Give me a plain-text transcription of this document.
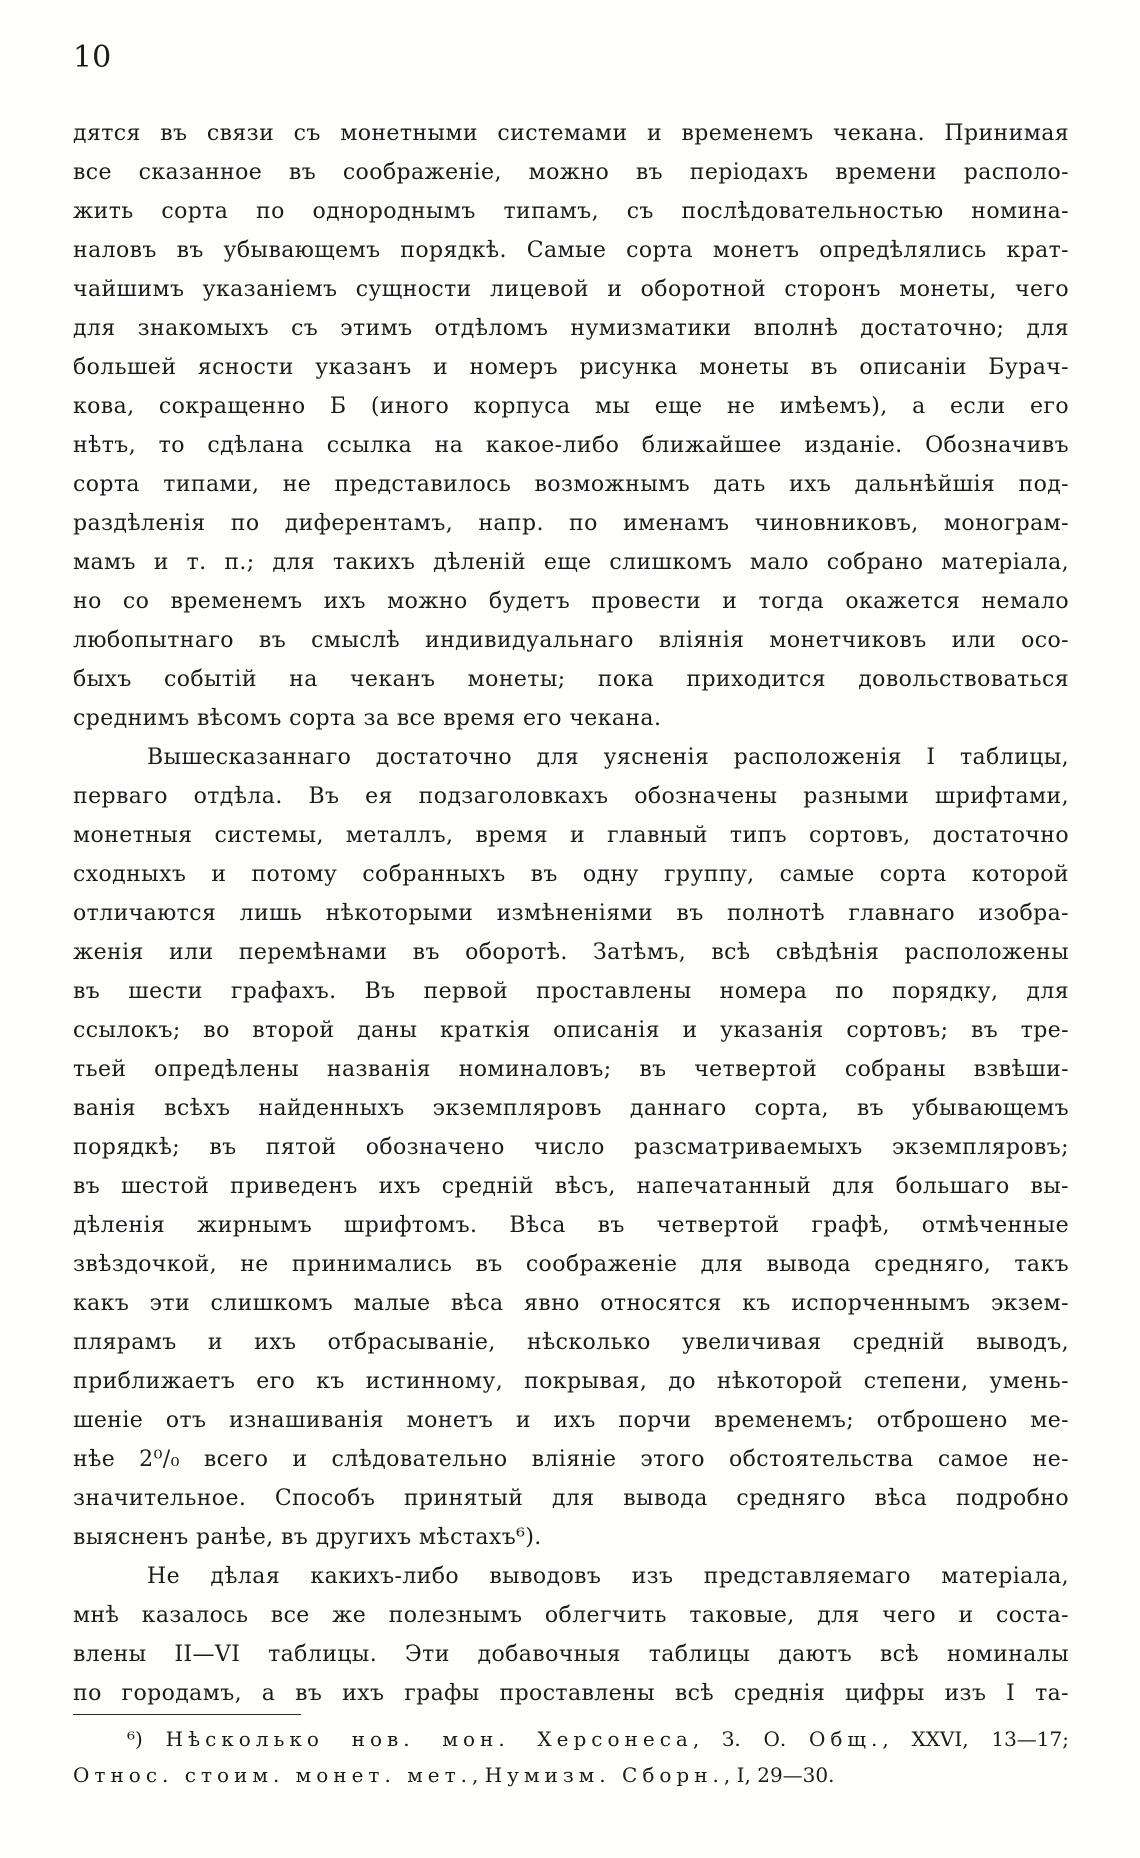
10
дятся въ связи съ монетными системами и временемъ чекана. Принимая
все сказанное въ соображеніе, можно въ періодахъ времени располо-
жить сорта по однороднымъ типамъ, съ послѣдовательностью номина-
наловъ въ убывающемъ порядкѣ. Самые сорта монетъ опредѣлялись крат-
чайшимъ указаніемъ сущности лицевой и оборотной сторонъ монеты, чего
для знакомыхъ съ этимъ отдѣломъ нумизматики вполнѣ достаточно; для
большей ясности указанъ и номеръ рисунка монеты въ описаніи Бурач-
кова, сокращенно Б (иного корпуса мы еще не имѣемъ), а если его
нѣтъ, то сдѣлана ссылка на какое-либо ближайшее изданіе. Обозначивъ
сорта типами, не представилось возможнымъ дать ихъ дальнѣйшія под-
раздѣленія по диферентамъ, напр. по именамъ чиновниковъ, монограм-
мамъ и т. п.; для такихъ дѣленій еще слишкомъ мало собрано матеріала,
но со временемъ ихъ можно будетъ провести и тогда окажется немало
любопытнаго въ смыслѣ индивидуальнаго вліянія монетчиковъ или осо-
быхъ событій на чеканъ монеты; пока приходится довольствоваться
среднимъ вѣсомъ сорта за все время его чекана.
Вышесказаннаго достаточно для уясненія расположенія I таблицы,
перваго отдѣла. Въ ея подзаголовкахъ обозначены разными шрифтами,
монетныя системы, металлъ, время и главный типъ сортовъ, достаточно
сходныхъ и потому собранныхъ въ одну группу, самые сорта которой
отличаются лишь нѣкоторыми измѣненіями въ полнотѣ главнаго изобра-
женія или перемѣнами въ оборотѣ. Затѣмъ, всѣ свѣдѣнія расположены
въ шести графахъ. Въ первой проставлены номера по порядку, для
ссылокъ; во второй даны краткія описанія и указанія сортовъ; въ тре-
тьей опредѣлены названія номиналовъ; въ четвертой собраны взвѣши-
ванія всѣхъ найденныхъ экземпляровъ даннаго сорта, въ убывающемъ
порядкѣ; въ пятой обозначено число разсматриваемыхъ экземпляровъ;
въ шестой приведенъ ихъ средній вѣсъ, напечатанный для большаго вы-
дѣленія жирнымъ шрифтомъ. Вѣса въ четвертой графѣ, отмѣченные
звѣздочкой, не принимались въ соображеніе для вывода средняго, такъ
какъ эти слишкомъ малые вѣса явно относятся къ испорченнымъ экзем-
плярамъ и ихъ отбрасываніе, нѣсколько увеличивая средній выводъ,
приближаетъ его къ истинному, покрывая, до нѣкоторой степени, умень-
шеніе отъ изнашиванія монетъ и ихъ порчи временемъ; отброшено ме-
нѣе 2⁰/₀ всего и слѣдовательно вліяніе этого обстоятельства самое не-
значительное. Способъ принятый для вывода средняго вѣса подробно
выясненъ ранѣе, въ другихъ мѣстахъ⁶).
Не дѣлая какихъ-либо выводовъ изъ представляемаго матеріала,
мнѣ казалось все же полезнымъ облегчить таковые, для чего и соста-
влены II—VI таблицы. Эти добавочныя таблицы даютъ всѣ номиналы
по городамъ, а въ ихъ графы проставлены всѣ среднія цифры изъ I та-
⁶) Нѣсколько нов. мон. Херсонеса, З. О. Общ., XXVI, 13—17;
Относ. стоим. монет. мет., Нумизм. Сборн., I, 29—30.
